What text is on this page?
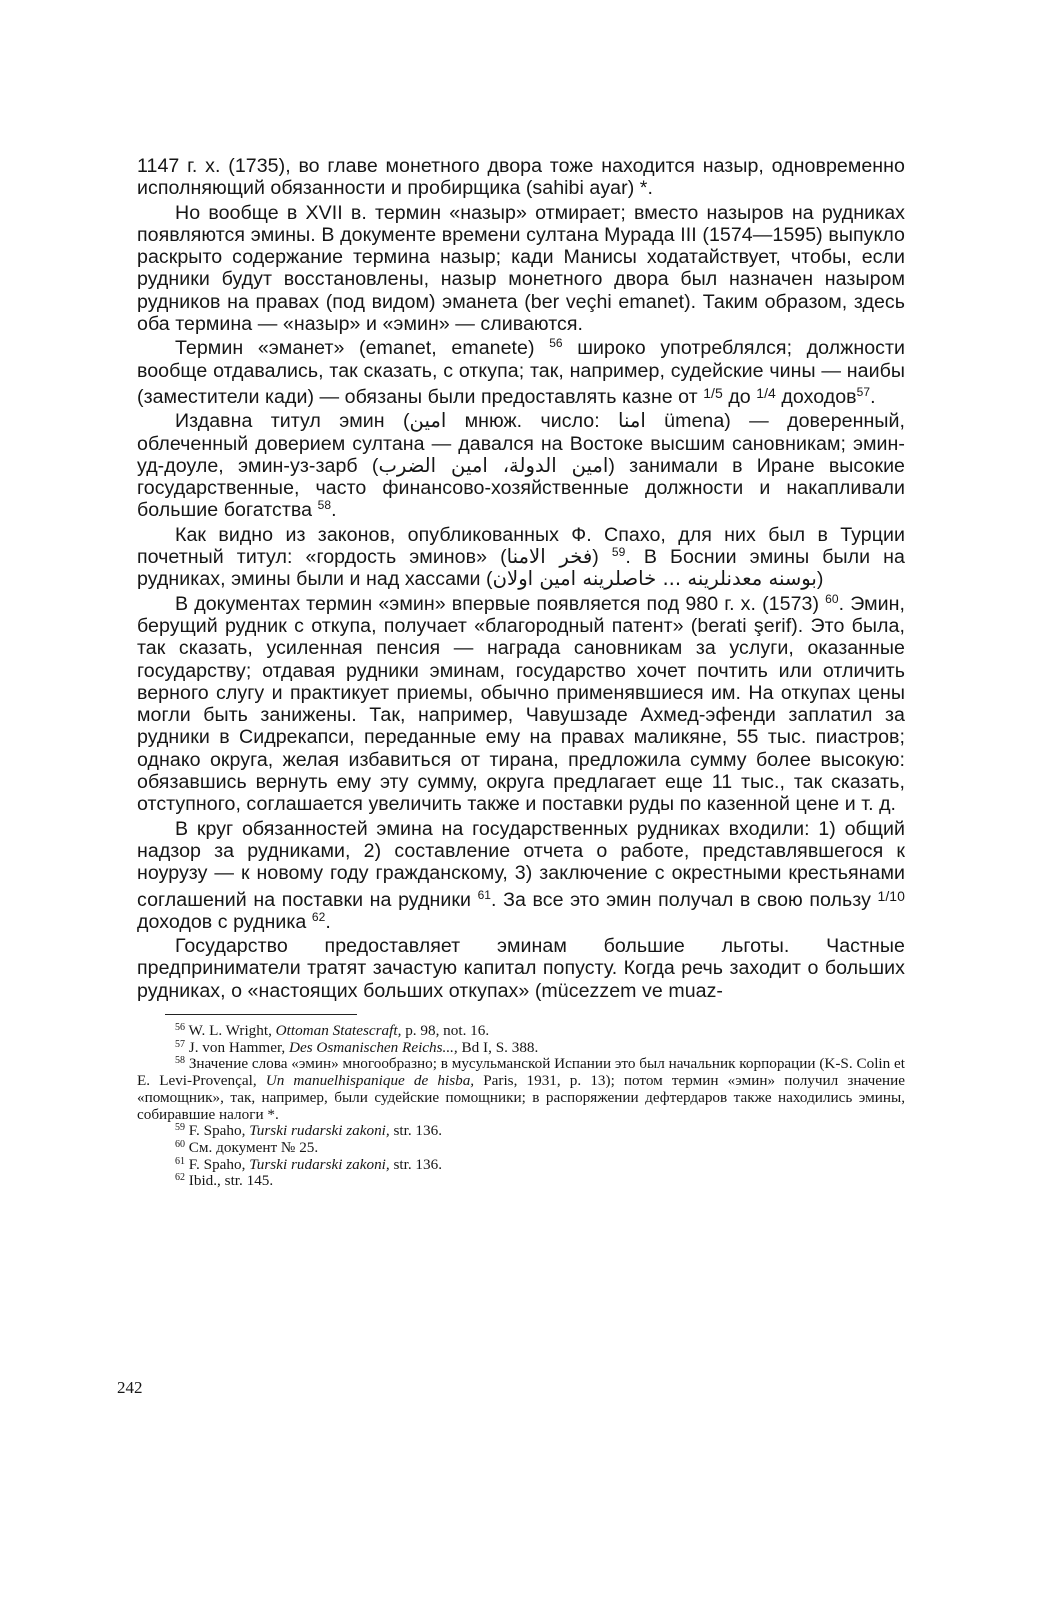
1147 г. х. (1735), во главе монетного двора тоже находится назыр, одновременно исполняющий обязанности и пробирщика (sahibi ayar) *.

Но вообще в XVII в. термин «назыр» отмирает; вместо назыров на рудниках появляются эмины. В документе времени султана Мурада III (1574—1595) выпукло раскрыто содержание термина назыр; кади Манисы ходатайствует, чтобы, если рудники будут восстановлены, назыр монетного двора был назначен назыром рудников на правах (под видом) эманета (ber veçhi emanet). Таким образом, здесь оба термина — «назыр» и «эмин» — сливаются.

Термин «эманет» (emanet, emanete) $^{56}$ широко употреблялся; должности вообще отдавались, так сказать, с откупа; так, например, судейские чины — наибы (заместители кади) — обязаны были предоставлять казне от $^{1/5}$ до $^{1/4}$ доходов$^{57}$.

Издавна титул эмин (امين мнюж. число: امنا ümena) — доверенный, облеченный доверием султана — давался на Востоке высшим сановникам; эмин-уд-доуле, эмин-уз-зарб (امين الدولة، امين الضرب) занимали в Иране высокие государственные, часто финансово-хозяйственные должности и накапливали большие богатства $^{58}$.

Как видно из законов, опубликованных Ф. Спахо, для них был в Турции почетный титул: «гордость эминов» (فخر الامنا) $^{59}$. В Боснии эмины были на рудниках, эмины были и над хассами (بوسنه معدنلرينه ... خاصلرينه امين اولان)

В документах термин «эмин» впервые появляется под 980 г. х. (1573) $^{60}$. Эмин, берущий рудник с откупа, получает «благородный патент» (berati şerif). Это была, так сказать, усиленная пенсия — награда сановникам за услуги, оказанные государству; отдавая рудники эминам, государство хочет почтить или отличить верного слугу и практикует приемы, обычно применявшиеся им. На откупах цены могли быть занижены. Так, например, Чавушзаде Ахмед-эфенди заплатил за рудники в Сидрекапси, переданные ему на правах маликяне, 55 тыс. пиастров; однако округа, желая избавиться от тирана, предложила сумму более высокую: обязавшись вернуть ему эту сумму, округа предлагает еще 11 тыс., так сказать, отступного, соглашается увеличить также и поставки руды по казенной цене и т. д.

В круг обязанностей эмина на государственных рудниках входили: 1) общий надзор за рудниками, 2) составление отчета о работе, представлявшегося к ноурузу — к новому году гражданскому, 3) заключение с окрестными крестьянами соглашений на поставки на рудники $^{61}$. За все это эмин получал в свою пользу $^{1/10}$ доходов с рудника $^{62}$.

Государство предоставляет эминам большие льготы. Частные предприниматели тратят зачастую капитал попусту. Когда речь заходит о больших рудниках, о «настоящих больших откупах» (mücezzem ve muaz-

$^{56}$ W. L. Wright, Ottoman Statescraft, p. 98, not. 16.

$^{57}$ J. von Hammer, Des Osmanischen Reichs..., Bd I, S. 388.

$^{58}$ Значение слова «эмин» многообразно; в мусульманской Испании это был начальник корпорации (K-S. Colin et E. Levi-Provençal, Un manuelhispanique de hisba, Paris, 1931, p. 13); потом термин «эмин» получил значение «помощник», так, например, были судейские помощники; в распоряжении дефтердаров также находились эмины, собиравшие налоги *.

$^{59}$ F. Spaho, Turski rudarski zakoni, str. 136.

$^{60}$ См. документ № 25.

$^{61}$ F. Spaho, Turski rudarski zakoni, str. 136.

$^{62}$ Ibid., str. 145.

242
